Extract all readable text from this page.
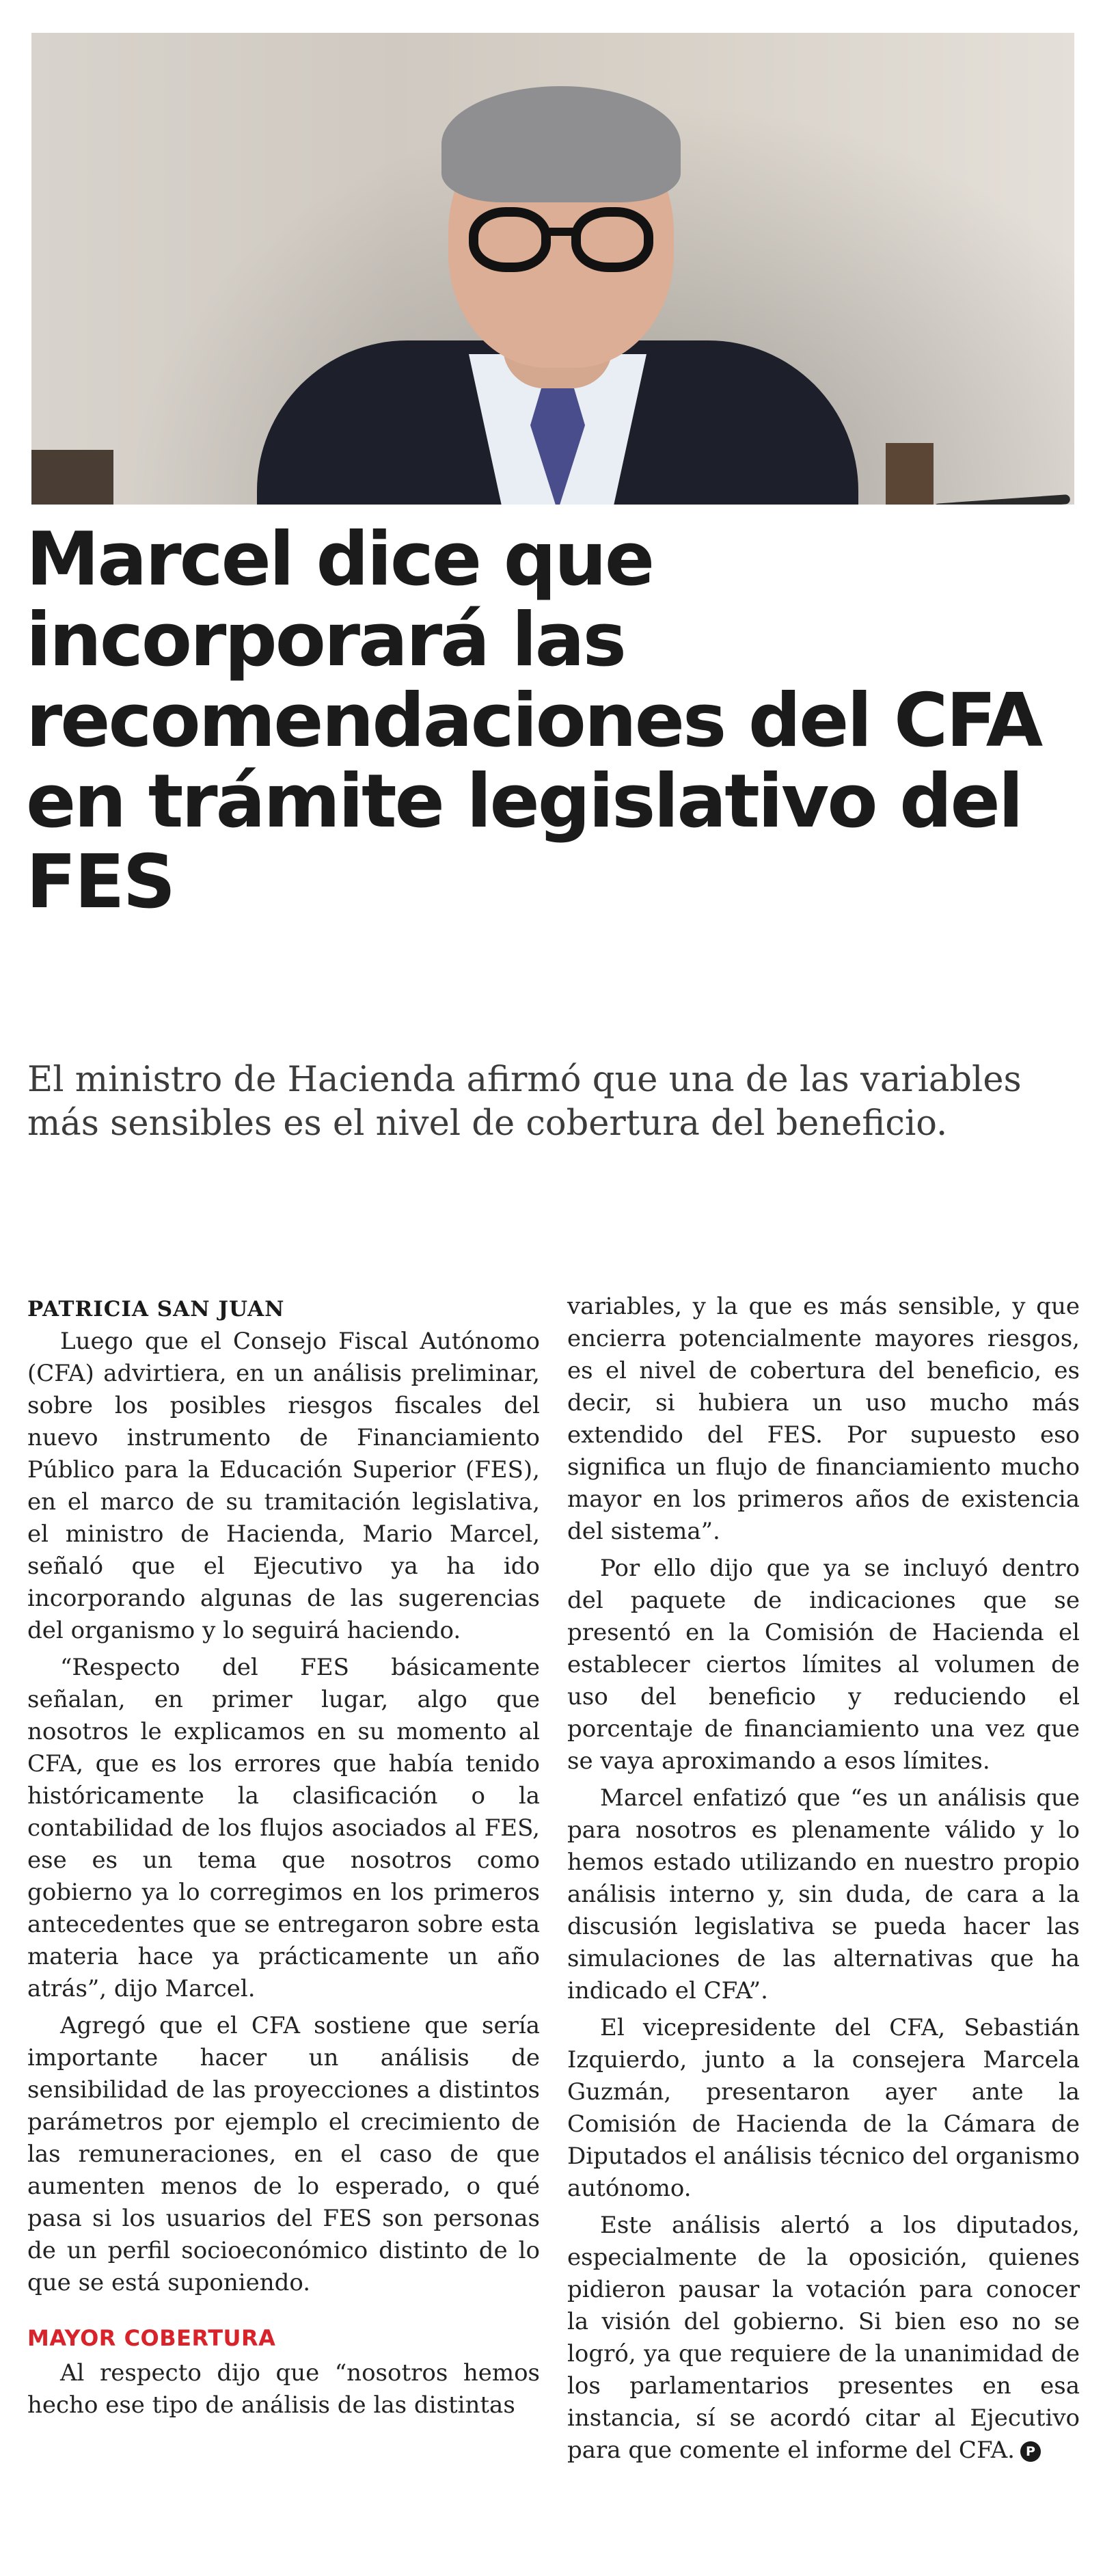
Marcel dice que incorporará las recomendaciones del CFA en trámite legislativo del FES

El ministro de Hacienda afirmó que una de las variables más sensibles es el nivel de cobertura del beneficio.

PATRICIA SAN JUAN

Luego que el Consejo Fiscal Autónomo (CFA) advirtiera, en un análisis preliminar, sobre los posibles riesgos fiscales del nuevo instrumento de Financiamiento Público para la Educación Superior (FES), en el marco de su tramitación legislativa, el ministro de Hacienda, Mario Marcel, señaló que el Ejecutivo ya ha ido incorporando algunas de las sugerencias del organismo y lo seguirá haciendo.

“Respecto del FES básicamente señalan, en primer lugar, algo que nosotros le explicamos en su momento al CFA, que es los errores que había tenido históricamente la clasificación o la contabilidad de los flujos asociados al FES, ese es un tema que nosotros como gobierno ya lo corregimos en los primeros antecedentes que se entregaron sobre esta materia hace ya prácticamente un año atrás”, dijo Marcel.

Agregó que el CFA sostiene que sería importante hacer un análisis de sensibilidad de las proyecciones a distintos parámetros por ejemplo el crecimiento de las remuneraciones, en el caso de que aumenten menos de lo esperado, o qué pasa si los usuarios del FES son personas de un perfil socioeconómico distinto de lo que se está suponiendo.

MAYOR COBERTURA

Al respecto dijo que “nosotros hemos hecho ese tipo de análisis de las distintas

variables, y la que es más sensible, y que encierra potencialmente mayores riesgos, es el nivel de cobertura del beneficio, es decir, si hubiera un uso mucho más extendido del FES. Por supuesto eso significa un flujo de financiamiento mucho mayor en los primeros años de existencia del sistema”.

Por ello dijo que ya se incluyó dentro del paquete de indicaciones que se presentó en la Comisión de Hacienda el establecer ciertos límites al volumen de uso del beneficio y reduciendo el porcentaje de financiamiento una vez que se vaya aproximando a esos límites.

Marcel enfatizó que “es un análisis que para nosotros es plenamente válido y lo hemos estado utilizando en nuestro propio análisis interno y, sin duda, de cara a la discusión legislativa se pueda hacer las simulaciones de las alternativas que ha indicado el CFA”.

El vicepresidente del CFA, Sebastián Izquierdo, junto a la consejera Marcela Guzmán, presentaron ayer ante la Comisión de Hacienda de la Cámara de Diputados el análisis técnico del organismo autónomo.

Este análisis alertó a los diputados, especialmente de la oposición, quienes pidieron pausar la votación para conocer la visión del gobierno. Si bien eso no se logró, ya que requiere de la unanimidad de los parlamentarios presentes en esa instancia, sí se acordó citar al Ejecutivo para que comente el informe del CFA. P
